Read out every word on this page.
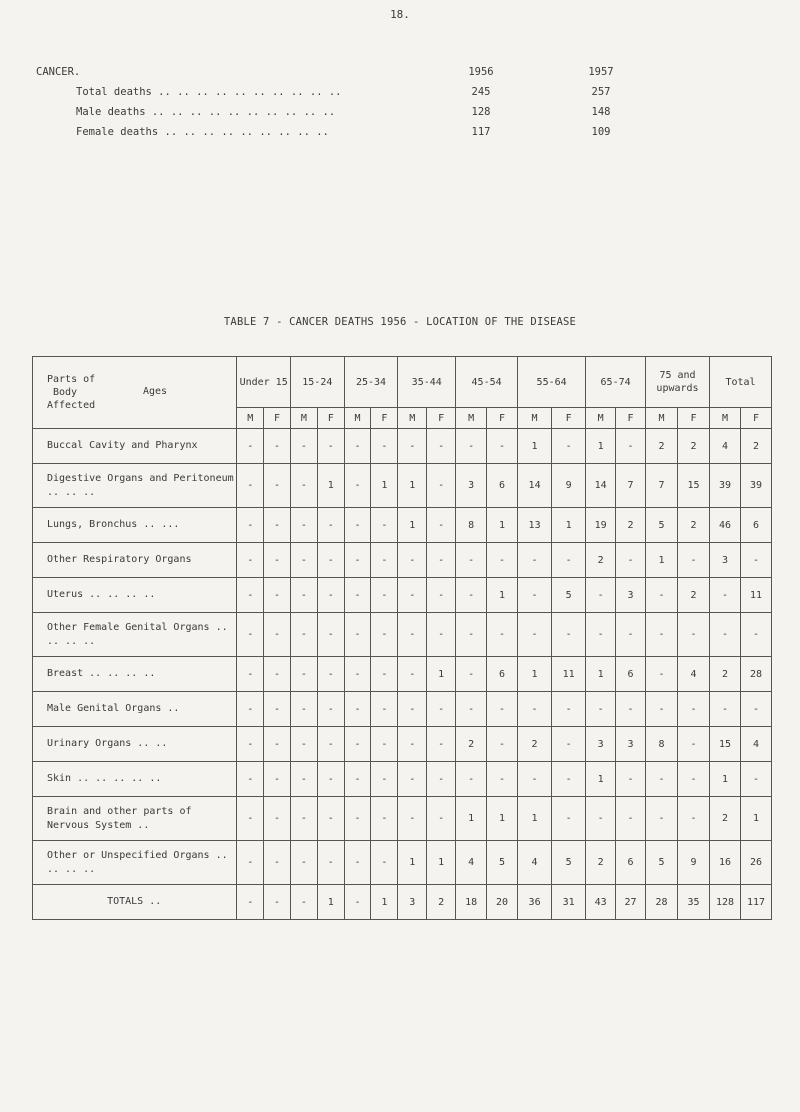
18.
CANCER.	1956	1957
Total deaths .. .. .. .. .. .. .. .. .. ..	245	257
Male deaths .. .. .. .. .. .. .. .. .. ..	128	148
Female deaths .. .. .. .. .. .. .. .. ..	117	109
TABLE 7 - CANCER DEATHS 1956 - LOCATION OF THE DISEASE
Parts of
Ages
Body
Affected	Under 15		15-24		25-34		35-44		45-54		55-64		65-74		75 and upwards		Total	
	M	F	M	F	M	F	M	F	M	F	M	F	M	F	M	F	M	F
Buccal Cavity and Pharynx	-	-	-	-	-	-	-	-	-	-	1	-	1	-	2	2	4	2
Digestive Organs and Peritoneum .. .. ..	-	-	-	1	-	1	1	-	3	6	14	9	14	7	7	15	39	39
Lungs, Bronchus .. ...	-	-	-	-	-	-	1	-	8	1	13	1	19	2	5	2	46	6
Other Respiratory Organs	-	-	-	-	-	-	-	-	-	-	-	-	2	-	1	-	3	-
Uterus .. .. .. ..	-	-	-	-	-	-	-	-	-	1	-	5	-	3	-	2	-	11
Other Female Genital Organs .. .. .. ..	-	-	-	-	-	-	-	-	-	-	-	-	-	-	-	-	-	-
Breast .. .. .. ..	-	-	-	-	-	-	-	1	-	6	1	11	1	6	-	4	2	28
Male Genital Organs ..	-	-	-	-	-	-	-	-	-	-	-	-	-	-	-	-	-	-
Urinary Organs .. ..	-	-	-	-	-	-	-	-	2	-	2	-	3	3	8	-	15	4
Skin .. .. .. .. ..	-	-	-	-	-	-	-	-	-	-	-	-	1	-	-	-	1	-
Brain and other parts of Nervous System ..	-	-	-	-	-	-	-	-	1	1	1	-	-	-	-	-	2	1
Other or Unspecified Organs .. .. .. ..	-	-	-	-	-	-	1	1	4	5	4	5	2	6	5	9	16	26
TOTALS ..	-	-	-	1	-	1	3	2	18	20	36	31	43	27	28	35	128	117
